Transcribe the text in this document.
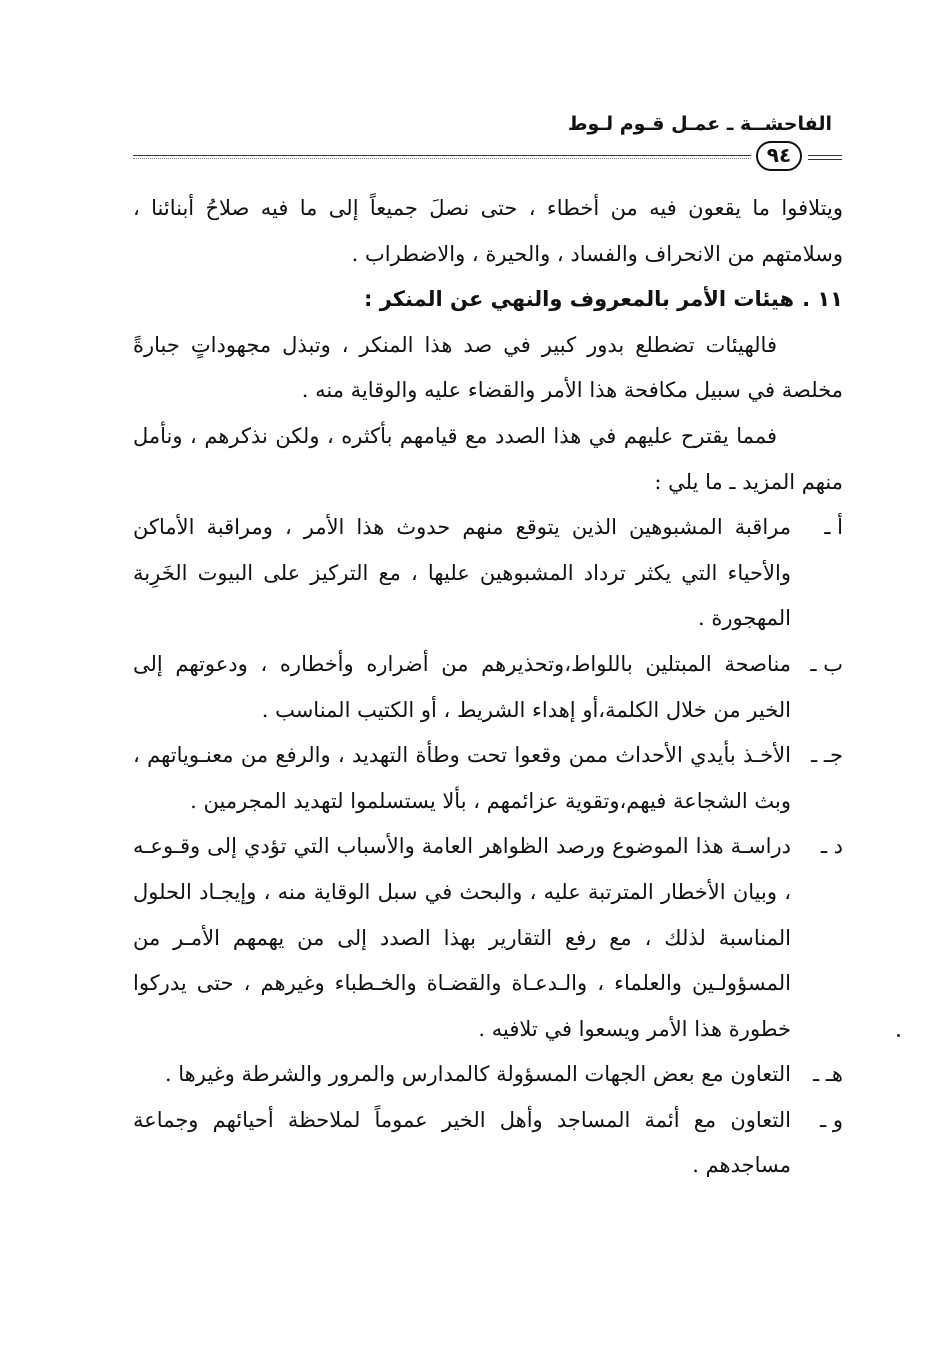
الفاحشــة ـ عمـل قـوم لـوط
٩٤

ويتلافوا ما يقعون فيه من أخطاء ، حتى نصلَ جميعاً إلى ما فيه صلاحُ أبنائنا ، وسلامتهم من الانحراف والفساد ، والحيرة ، والاضطراب .

١١ .هيئات الأمر بالمعروف والنهي عن المنكر :

فالهيئات تضطلع بدور كبير في صد هذا المنكر ، وتبذل مجهوداتٍ جبارةً مخلصة في سبيل مكافحة هذا الأمر والقضاء عليه والوقاية منه .

فمما يقترح عليهم في هذا الصدد مع قيامهم بأكثره ، ولكن نذكرهم ، ونأمل منهم المزيد ـ ما يلي :

أ ـ
مراقبة المشبوهين الذين يتوقع منهم حدوث هذا الأمر ، ومراقبة الأماكن والأحياء التي يكثر ترداد المشبوهين عليها ، مع التركيز على البيوت الخَرِبة المهجورة .

ب ـ
مناصحة المبتلين باللواط،وتحذيرهم من أضراره وأخطاره ، ودعوتهم إلى الخير من خلال الكلمة،أو إهداء الشريط ، أو الكتيب المناسب .

جـ ـ
الأخـذ بأيدي الأحداث ممن وقعوا تحت وطأة التهديد ، والرفع من معنـوياتهم ، وبث الشجاعة فيهم،وتقوية عزائمهم ، بألا يستسلموا لتهديد المجرمين .

د ـ
دراسـة هذا الموضوع ورصد الظواهر العامة والأسباب التي تؤدي إلى وقـوعـه ، وبيان الأخطار المترتبة عليه ، والبحث في سبل الوقاية منه ، وإيجـاد الحلول المناسبة لذلك ، مع رفع التقارير بهذا الصدد إلى من يهمهم الأمـر من المسؤولـين والعلماء ، والـدعـاة والقضـاة والخـطباء وغيرهم ، حتى يدركوا خطورة هذا الأمر ويسعوا في تلافيه .

هـ ـ
التعاون مع بعض الجهات المسؤولة كالمدارس والمرور والشرطة وغيرها .

و ـ
التعاون مع أئمة المساجد وأهل الخير عموماً لملاحظة أحيائهم وجماعة مساجدهم .
